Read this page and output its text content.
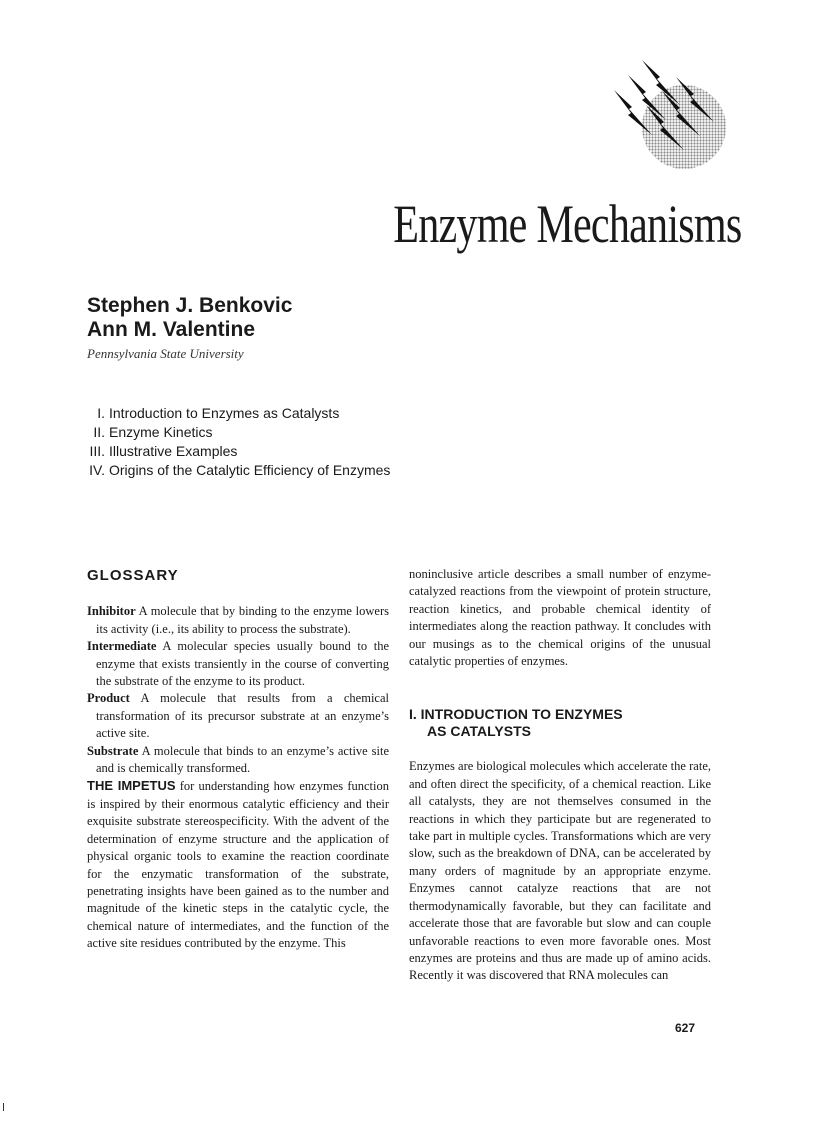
Enzyme Mechanisms
Stephen J. Benkovic
Ann M. Valentine
Pennsylvania State University
I. Introduction to Enzymes as Catalysts
II. Enzyme Kinetics
III. Illustrative Examples
IV. Origins of the Catalytic Efficiency of Enzymes
GLOSSARY
Inhibitor A molecule that by binding to the enzyme lowers its activity (i.e., its ability to process the substrate).
Intermediate A molecular species usually bound to the enzyme that exists transiently in the course of converting the substrate of the enzyme to its product.
Product A molecule that results from a chemical transformation of its precursor substrate at an enzyme’s active site.
Substrate A molecule that binds to an enzyme’s active site and is chemically transformed.

THE IMPETUS for understanding how enzymes function is inspired by their enormous catalytic efficiency and their exquisite substrate stereospecificity. With the advent of the determination of enzyme structure and the application of physical organic tools to examine the reaction coordinate for the enzymatic transformation of the substrate, penetrating insights have been gained as to the number and magnitude of the kinetic steps in the catalytic cycle, the chemical nature of intermediates, and the function of the active site residues contributed by the enzyme. This

noninclusive article describes a small number of enzyme-catalyzed reactions from the viewpoint of protein structure, reaction kinetics, and probable chemical identity of intermediates along the reaction pathway. It concludes with our musings as to the chemical origins of the unusual catalytic properties of enzymes.

I. INTRODUCTION TO ENZYMES
AS CATALYSTS

Enzymes are biological molecules which accelerate the rate, and often direct the specificity, of a chemical reaction. Like all catalysts, they are not themselves consumed in the reactions in which they participate but are regenerated to take part in multiple cycles. Transformations which are very slow, such as the breakdown of DNA, can be accelerated by many orders of magnitude by an appropriate enzyme. Enzymes cannot catalyze reactions that are not thermodynamically favorable, but they can facilitate and accelerate those that are favorable but slow and can couple unfavorable reactions to even more favorable ones. Most enzymes are proteins and thus are made up of amino acids. Recently it was discovered that RNA molecules can

627
